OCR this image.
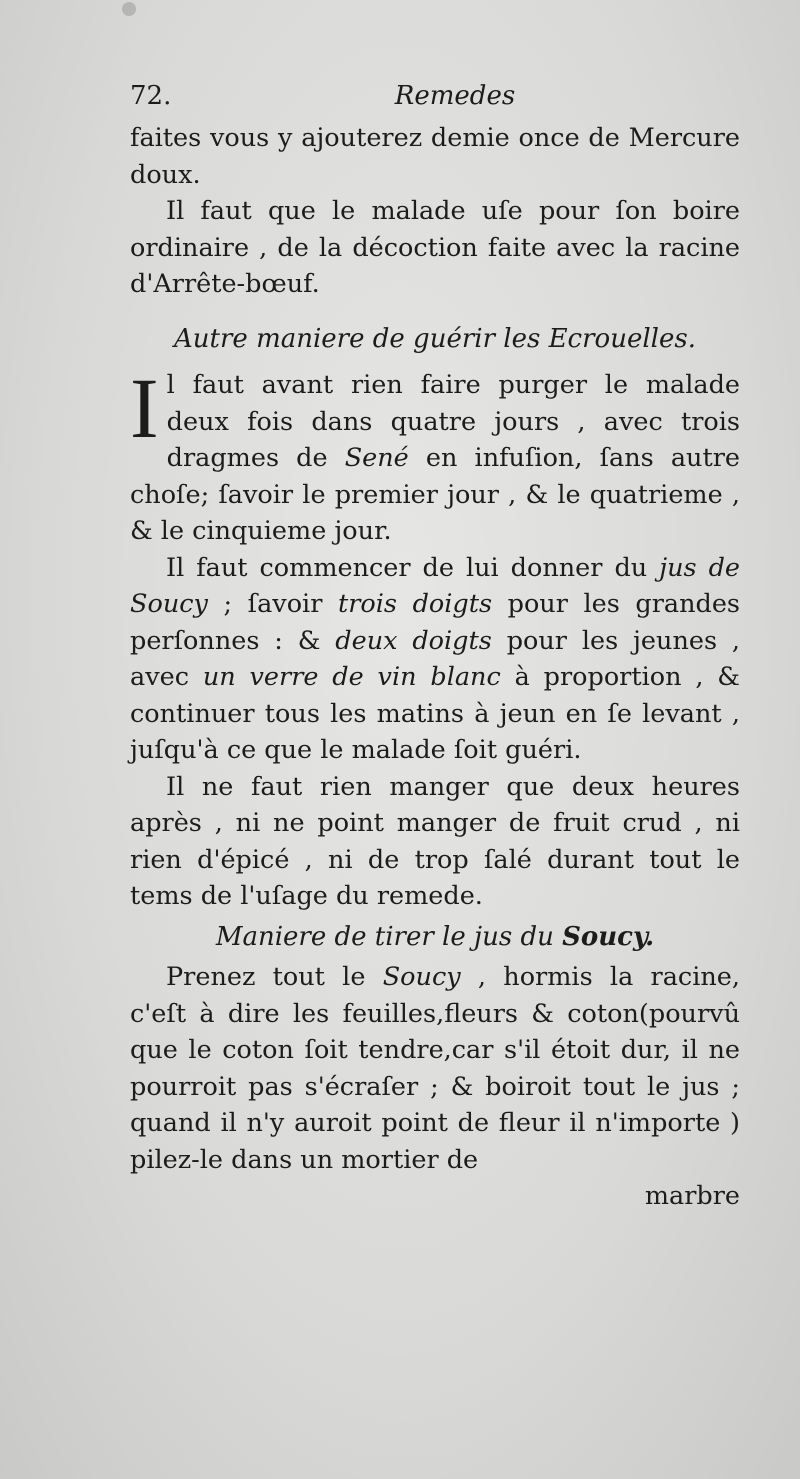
72.	Remedes

faites vous y ajouterez demie once de Mercure doux.

Il faut que le malade uſe pour ſon boire ordinaire , de la décoction faite avec la racine d'Arrête-bœuf.

Autre maniere de guérir les Ecrouelles.

Il faut avant rien faire purger le malade deux fois dans quatre jours , avec trois dragmes de Sené en infuſion, ſans autre choſe; ſavoir le premier jour , & le quatrieme , & le cinquieme jour.

Il faut commencer de lui donner du jus de Soucy ; ſavoir trois doigts pour les grandes perſonnes : & deux doigts pour les jeunes , avec un verre de vin blanc à proportion , & continuer tous les matins à jeun en ſe levant , juſqu'à ce que le malade ſoit guéri.

Il ne faut rien manger que deux heures après , ni ne point manger de fruit crud , ni rien d'épicé , ni de trop ſalé durant tout le tems de l'uſage du remede.

Maniere de tirer le jus du Soucy.

Prenez tout le Soucy , hormis la racine, c'eſt à dire les feuilles,fleurs & coton(pourvû que le coton ſoit tendre,car s'il étoit dur, il ne pourroit pas s'écraſer ; & boiroit tout le jus ; quand il n'y auroit point de fleur il n'importe ) pilez-le dans un mortier de

marbre
